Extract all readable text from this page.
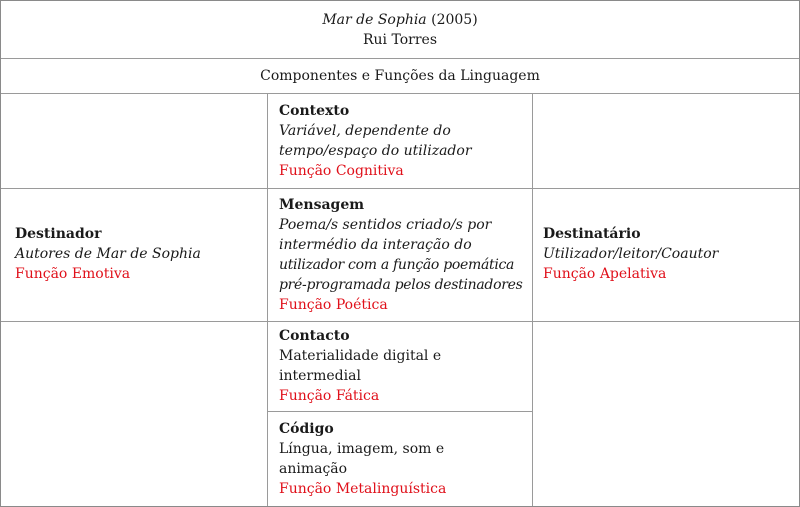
Mar de Sophia (2005)
Rui Torres
Componentes e Funções da Linguagem
Contexto
Variável, dependente do
tempo/espaço do utilizador
Função Cognitiva
Destinador
Autores de Mar de Sophia
Função Emotiva
Mensagem
Poema/s sentidos criado/s por
intermédio da interação do
utilizador com a função poemática
pré-programada pelos destinadores
Função Poética
Destinatário
Utilizador/leitor/Coautor
Função Apelativa
Contacto
Materialidade digital e
intermedial
Função Fática
Código
Língua, imagem, som e
animação
Função Metalinguística
